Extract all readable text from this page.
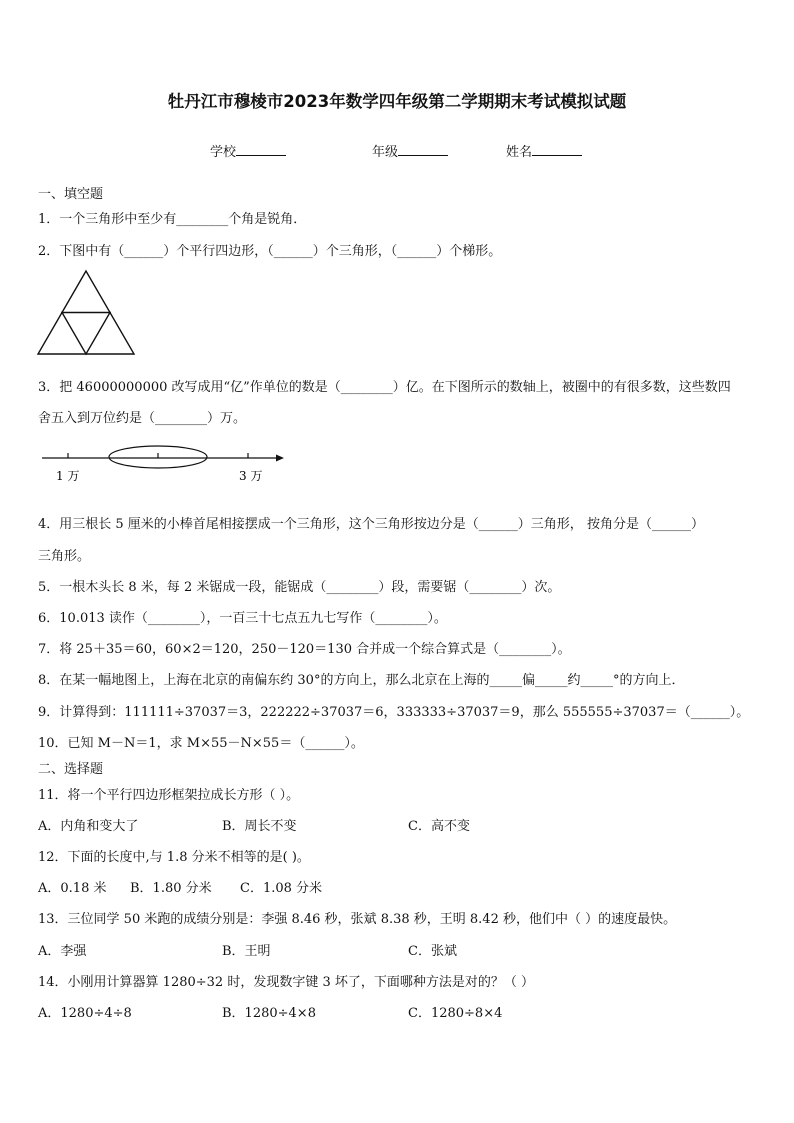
牡丹江市穆棱市2023年数学四年级第二学期期末考试模拟试题
学校	年级	姓名
一、填空题
1．一个三角形中至少有________个角是锐角．
2．下图中有（______）个平行四边形，（______）个三角形，（______）个梯形。
3．把 46000000000 改写成用“亿”作单位的数是（________）亿。在下图所示的数轴上，被圈中的有很多数，这些数四
舍五入到万位约是（________）万。
1 万	3 万
4．用三根长 5 厘米的小棒首尾相接摆成一个三角形，这个三角形按边分是（______）三角形， 按角分是（______）
三角形。
5．一根木头长 8 米，每 2 米锯成一段，能锯成（________）段，需要锯（________）次。
6．10.013 读作（________），一百三十七点五九七写作（________）。
7．将 25＋35＝60，60×2＝120，250－120＝130 合并成一个综合算式是（________）。
8．在某一幅地图上，上海在北京的南偏东约 30°的方向上，那么北京在上海的_____偏_____约_____°的方向上．
9．计算得到：111111÷37037＝3，222222÷37037＝6，333333÷37037＝9，那么 555555÷37037＝（______）。
10．已知 M－N＝1，求 M×55－N×55＝（______）。
二、选择题
11．将一个平行四边形框架拉成长方形（ ）。
A．内角和变大了	B．周长不变	C．高不变
12．下面的长度中,与 1.8 分米不相等的是( )。
A．0.18 米 B．1.80 分米 C．1.08 分米
13．三位同学 50 米跑的成绩分别是：李强 8.46 秒，张斌 8.38 秒，王明 8.42 秒，他们中（ ）的速度最快。
A．李强	B．王明	C．张斌
14．小刚用计算器算 1280÷32 时，发现数字键 3 坏了，下面哪种方法是对的？（ ）
A．1280÷4÷8	B．1280÷4×8	C．1280÷8×4
